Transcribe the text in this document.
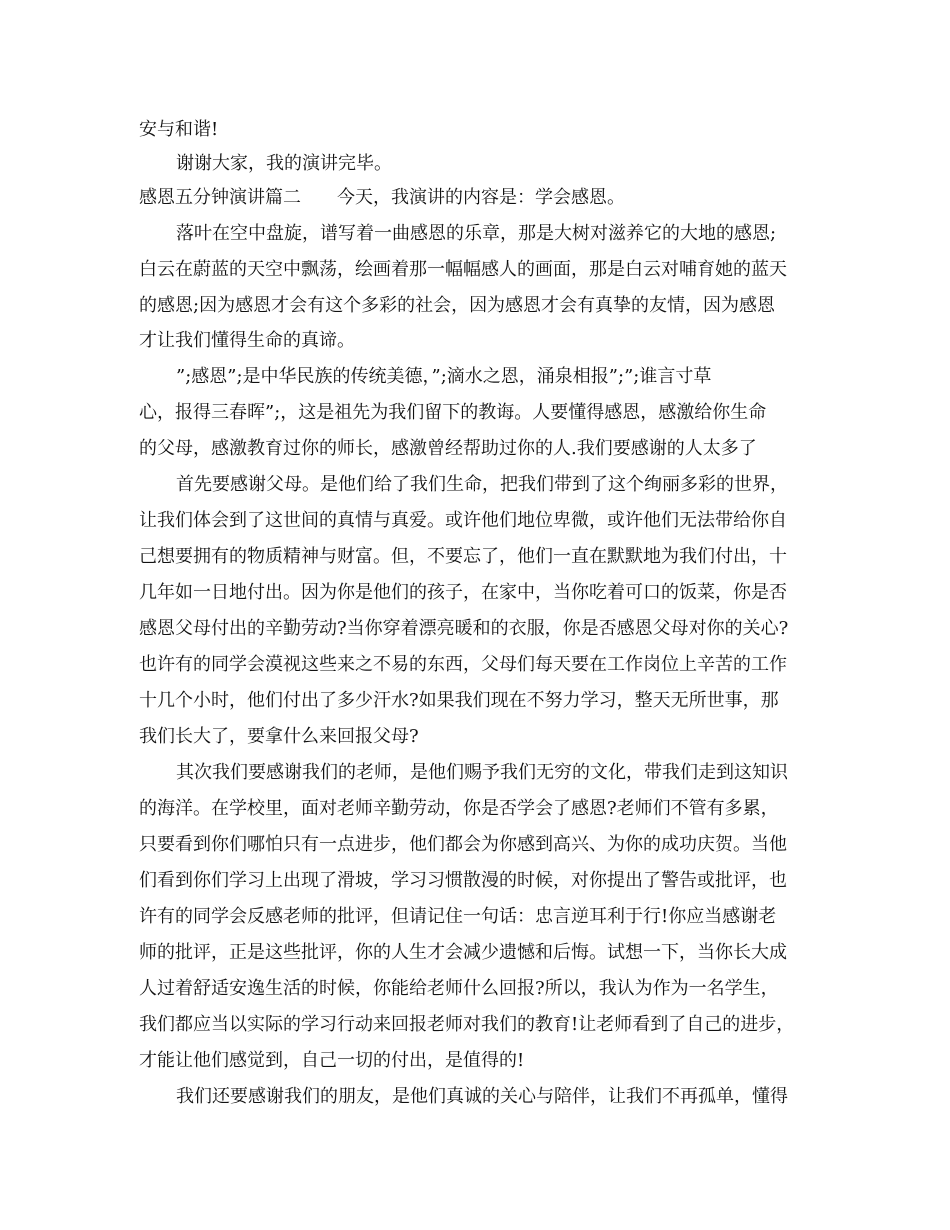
安与和谐!

谢谢大家，我的演讲完毕。

感恩五分钟演讲篇二　　今天，我演讲的内容是：学会感恩。

落叶在空中盘旋，谱写着一曲感恩的乐章，那是大树对滋养它的大地的感恩;

白云在蔚蓝的天空中飘荡，绘画着那一幅幅感人的画面，那是白云对哺育她的蓝天

的感恩;因为感恩才会有这个多彩的社会，因为感恩才会有真挚的友情，因为感恩

才让我们懂得生命的真谛。

”;感恩”;是中华民族的传统美德，”;滴水之恩，涌泉相报”;”;谁言寸草

心，报得三春晖”;，这是祖先为我们留下的教诲。人要懂得感恩，感激给你生命

的父母，感激教育过你的师长，感激曾经帮助过你的人.我们要感谢的人太多了

首先要感谢父母。是他们给了我们生命，把我们带到了这个绚丽多彩的世界，

让我们体会到了这世间的真情与真爱。或许他们地位卑微，或许他们无法带给你自

己想要拥有的物质精神与财富。但，不要忘了，他们一直在默默地为我们付出，十

几年如一日地付出。因为你是他们的孩子，在家中，当你吃着可口的饭菜，你是否

感恩父母付出的辛勤劳动?当你穿着漂亮暖和的衣服，你是否感恩父母对你的关心?

也许有的同学会漠视这些来之不易的东西，父母们每天要在工作岗位上辛苦的工作

十几个小时，他们付出了多少汗水?如果我们现在不努力学习，整天无所世事，那

我们长大了，要拿什么来回报父母?

其次我们要感谢我们的老师，是他们赐予我们无穷的文化，带我们走到这知识

的海洋。在学校里，面对老师辛勤劳动，你是否学会了感恩?老师们不管有多累，

只要看到你们哪怕只有一点进步，他们都会为你感到高兴、为你的成功庆贺。当他

们看到你们学习上出现了滑坡，学习习惯散漫的时候，对你提出了警告或批评，也

许有的同学会反感老师的批评，但请记住一句话：忠言逆耳利于行!你应当感谢老

师的批评，正是这些批评，你的人生才会减少遗憾和后悔。试想一下，当你长大成

人过着舒适安逸生活的时候，你能给老师什么回报?所以，我认为作为一名学生，

我们都应当以实际的学习行动来回报老师对我们的教育!让老师看到了自己的进步，

才能让他们感觉到，自己一切的付出，是值得的!

我们还要感谢我们的朋友，是他们真诚的关心与陪伴，让我们不再孤单，懂得
